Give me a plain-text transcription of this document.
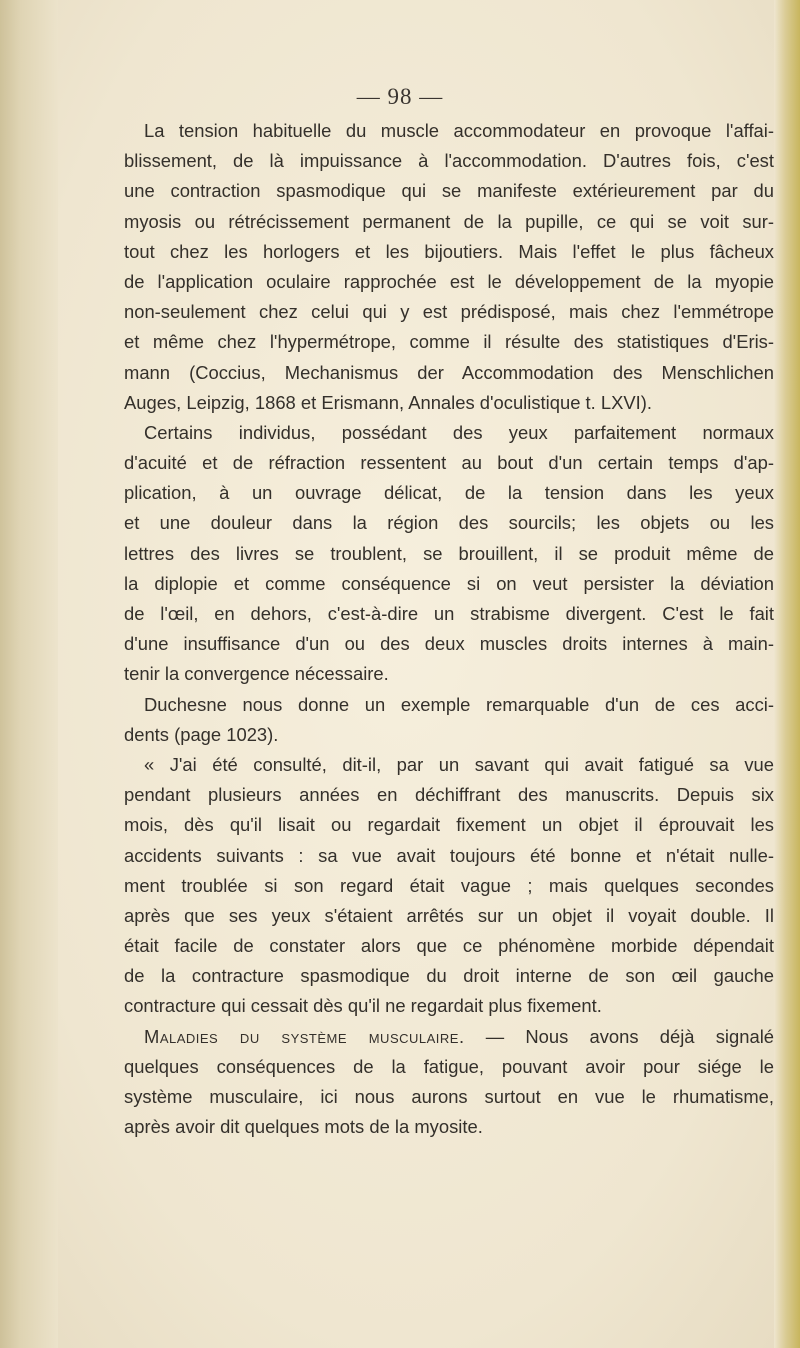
— 98 —
La tension habituelle du muscle accommodateur en provoque l'affai-
blissement, de là impuissance à l'accommodation. D'autres fois, c'est
une contraction spasmodique qui se manifeste extérieurement par du
myosis ou rétrécissement permanent de la pupille, ce qui se voit sur-
tout chez les horlogers et les bijoutiers. Mais l'effet le plus fâcheux
de l'application oculaire rapprochée est le développement de la myopie
non-seulement chez celui qui y est prédisposé, mais chez l'emmétrope
et même chez l'hypermétrope, comme il résulte des statistiques d'Eris-
mann (Coccius, Mechanismus der Accommodation des Menschlichen
Auges, Leipzig, 1868 et Erismann, Annales d'oculistique t. LXVI).
Certains individus, possédant des yeux parfaitement normaux
d'acuité et de réfraction ressentent au bout d'un certain temps d'ap-
plication, à un ouvrage délicat, de la tension dans les yeux
et une douleur dans la région des sourcils; les objets ou les
lettres des livres se troublent, se brouillent, il se produit même de
la diplopie et comme conséquence si on veut persister la déviation
de l'œil, en dehors, c'est-à-dire un strabisme divergent. C'est le fait
d'une insuffisance d'un ou des deux muscles droits internes à main-
tenir la convergence nécessaire.
Duchesne nous donne un exemple remarquable d'un de ces acci-
dents (page 1023).
« J'ai été consulté, dit-il, par un savant qui avait fatigué sa vue
pendant plusieurs années en déchiffrant des manuscrits. Depuis six
mois, dès qu'il lisait ou regardait fixement un objet il éprouvait les
accidents suivants : sa vue avait toujours été bonne et n'était nulle-
ment troublée si son regard était vague ; mais quelques secondes
après que ses yeux s'étaient arrêtés sur un objet il voyait double. Il
était facile de constater alors que ce phénomène morbide dépendait
de la contracture spasmodique du droit interne de son œil gauche
contracture qui cessait dès qu'il ne regardait plus fixement.
Maladies du système musculaire. — Nous avons déjà signalé
quelques conséquences de la fatigue, pouvant avoir pour siége le
système musculaire, ici nous aurons surtout en vue le rhumatisme,
après avoir dit quelques mots de la myosite.
